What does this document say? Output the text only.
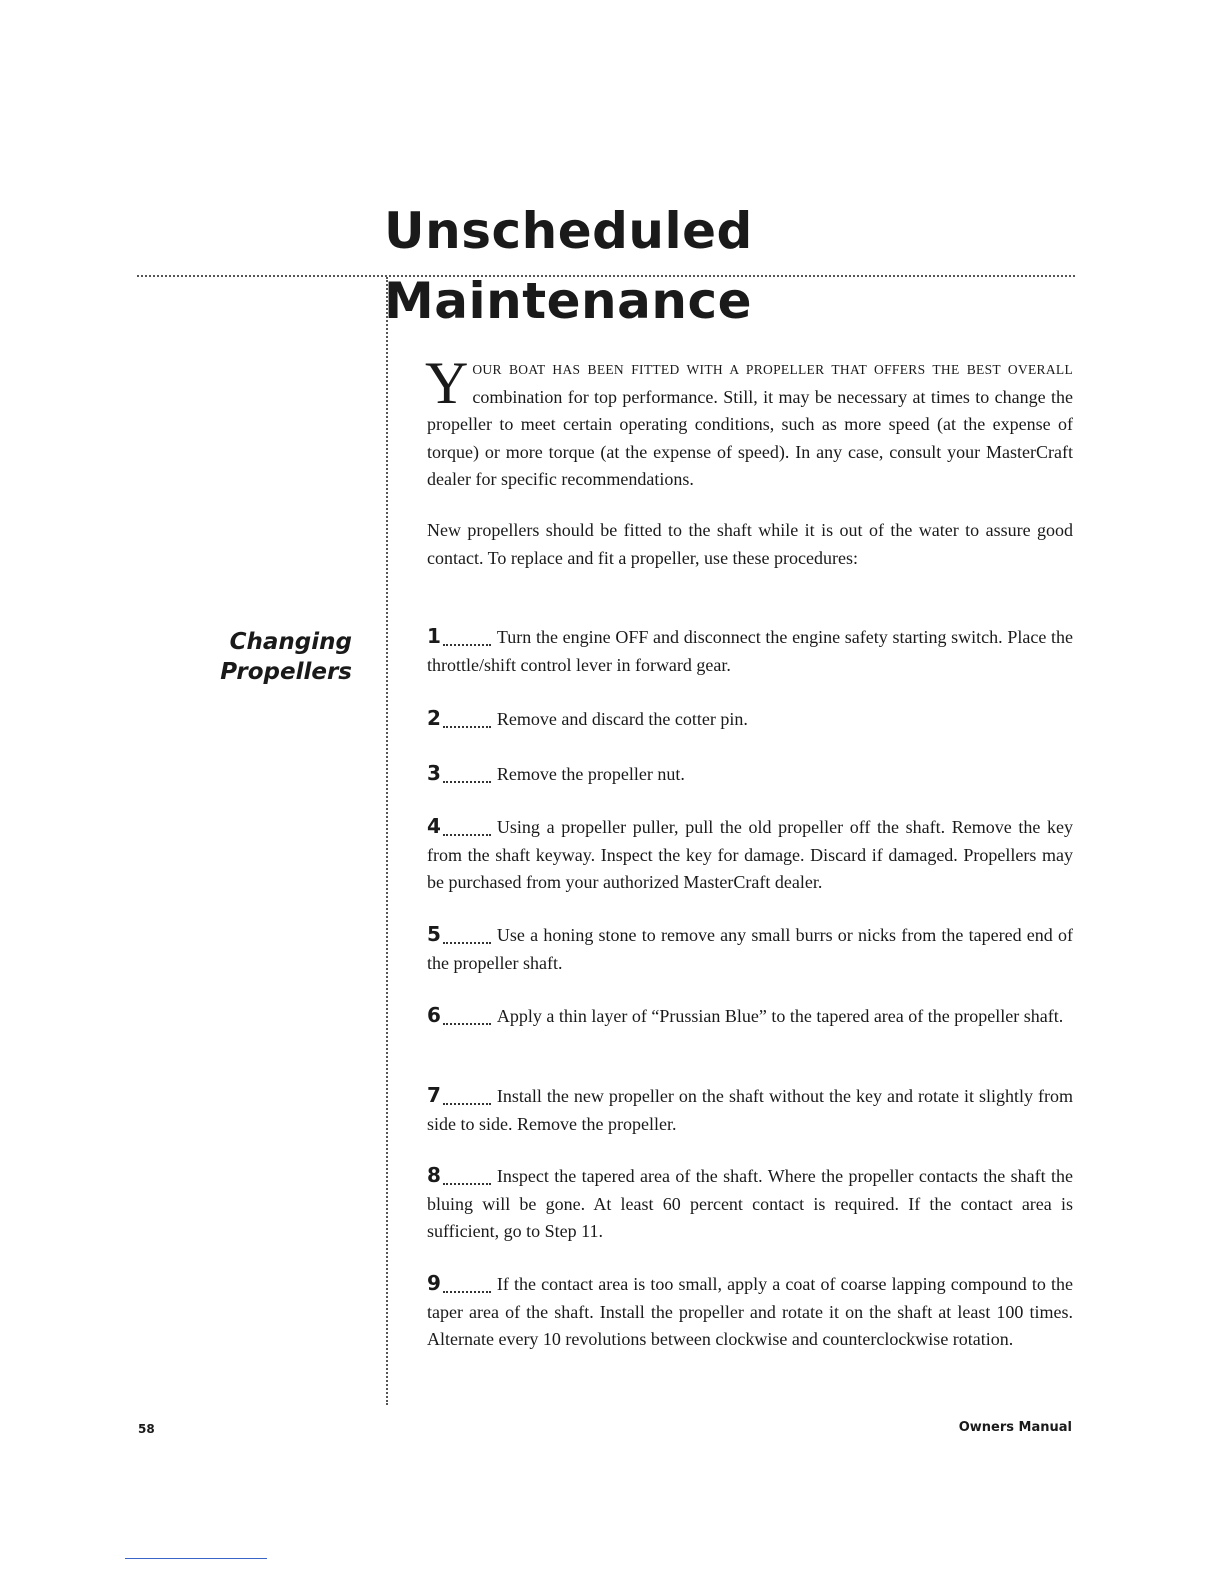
Unscheduled Maintenance
Changing
Propellers

YOUR BOAT HAS BEEN FITTED WITH A PROPELLER THAT OFFERS THE BEST OVERALL combination for top performance. Still, it may be necessary at times to change the propeller to meet certain operating conditions, such as more speed (at the expense of torque) or more torque (at the expense of speed). In any case, consult your MasterCraft dealer for specific recommendations.

New propellers should be fitted to the shaft while it is out of the water to assure good contact. To replace and fit a propeller, use these procedures:

1	Turn the engine OFF and disconnect the engine safety starting switch. Place the throttle/shift control lever in forward gear.

2	Remove and discard the cotter pin.

3	Remove the propeller nut.

4	Using a propeller puller, pull the old propeller off the shaft. Remove the key from the shaft keyway. Inspect the key for damage. Discard if damaged. Propellers may be purchased from your authorized MasterCraft dealer.

5	Use a honing stone to remove any small burrs or nicks from the tapered end of the propeller shaft.

6	Apply a thin layer of “Prussian Blue” to the tapered area of the propeller shaft.

7	Install the new propeller on the shaft without the key and rotate it slightly from side to side. Remove the propeller.

8	Inspect the tapered area of the shaft. Where the propeller contacts the shaft the bluing will be gone. At least 60 percent contact is required. If the contact area is sufficient, go to Step 11.

9	If the contact area is too small, apply a coat of coarse lapping compound to the taper area of the shaft. Install the propeller and rotate it on the shaft at least 100 times. Alternate every 10 revolutions between clockwise and counterclockwise rotation.

58	Owners Manual
